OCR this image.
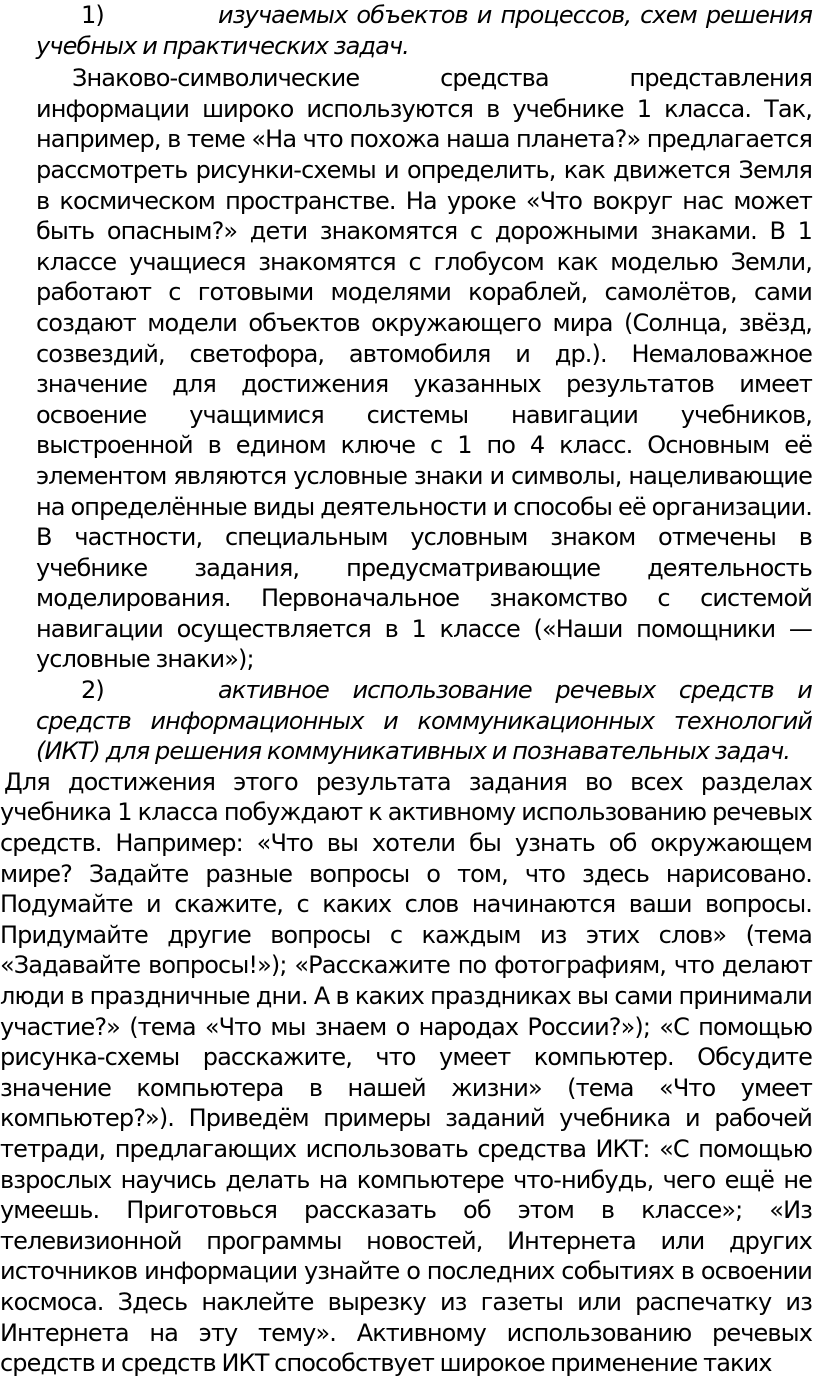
1)	изучаемых объектов и процессов, схем решения учебных и практических задач.

Знаково-символические средства представления информации широко используются в учебнике 1 класса. Так, например, в теме «На что похожа наша планета?» предлагается рассмотреть рисунки-схемы и определить, как движется Земля в космическом пространстве. На уроке «Что вокруг нас может быть опасным?» дети знакомятся с дорожными знаками. В 1 классе учащиеся знакомятся с глобусом как моделью Земли, работают с готовыми моделями кораблей, самолётов, сами создают модели объектов окружающего мира (Солнца, звёзд, созвездий, светофора, автомобиля и др.). Немаловажное значение для достижения указанных результатов имеет освоение учащимися системы навигации учебников, выстроенной в едином ключе с 1 по 4 класс. Основным её элементом являются условные знаки и символы, нацеливающие на определённые виды деятельности и способы её организации. В частности, специальным условным знаком отмечены в учебнике задания, предусматривающие деятельность моделирования. Первоначальное знакомство с системой навигации осуществляется в 1 классе («Наши помощники — условные знаки»);

2)	активное использование речевых средств и средств информационных и коммуникационных технологий (ИКТ) для решения коммуникативных и познавательных задач.

Для достижения этого результата задания во всех разделах учебника 1 класса побуждают к активному использованию речевых средств. Например: «Что вы хотели бы узнать об окружающем мире? Задайте разные вопросы о том, что здесь нарисовано. Подумайте и скажите, с каких слов начинаются ваши вопросы. Придумайте другие вопросы с каждым из этих слов» (тема «Задавайте вопросы!»); «Расскажите по фотографиям, что делают люди в праздничные дни. А в каких праздниках вы сами принимали участие?» (тема «Что мы знаем о народах России?»); «С помощью рисунка-схемы расскажите, что умеет компьютер. Обсудите значение компьютера в нашей жизни» (тема «Что умеет компьютер?»). Приведём примеры заданий учебника и рабочей тетради, предлагающих использовать средства ИКТ: «С помощью взрослых научись делать на компьютере что-нибудь, чего ещё не умеешь. Приготовься рассказать об этом в классе»; «Из телевизионной программы новостей, Интернета или других источников информации узнайте о последних событиях в освоении космоса. Здесь наклейте вырезку из газеты или распечатку из Интернета на эту тему». Активному использованию речевых средств и средств ИКТ способствует широкое применение таких
